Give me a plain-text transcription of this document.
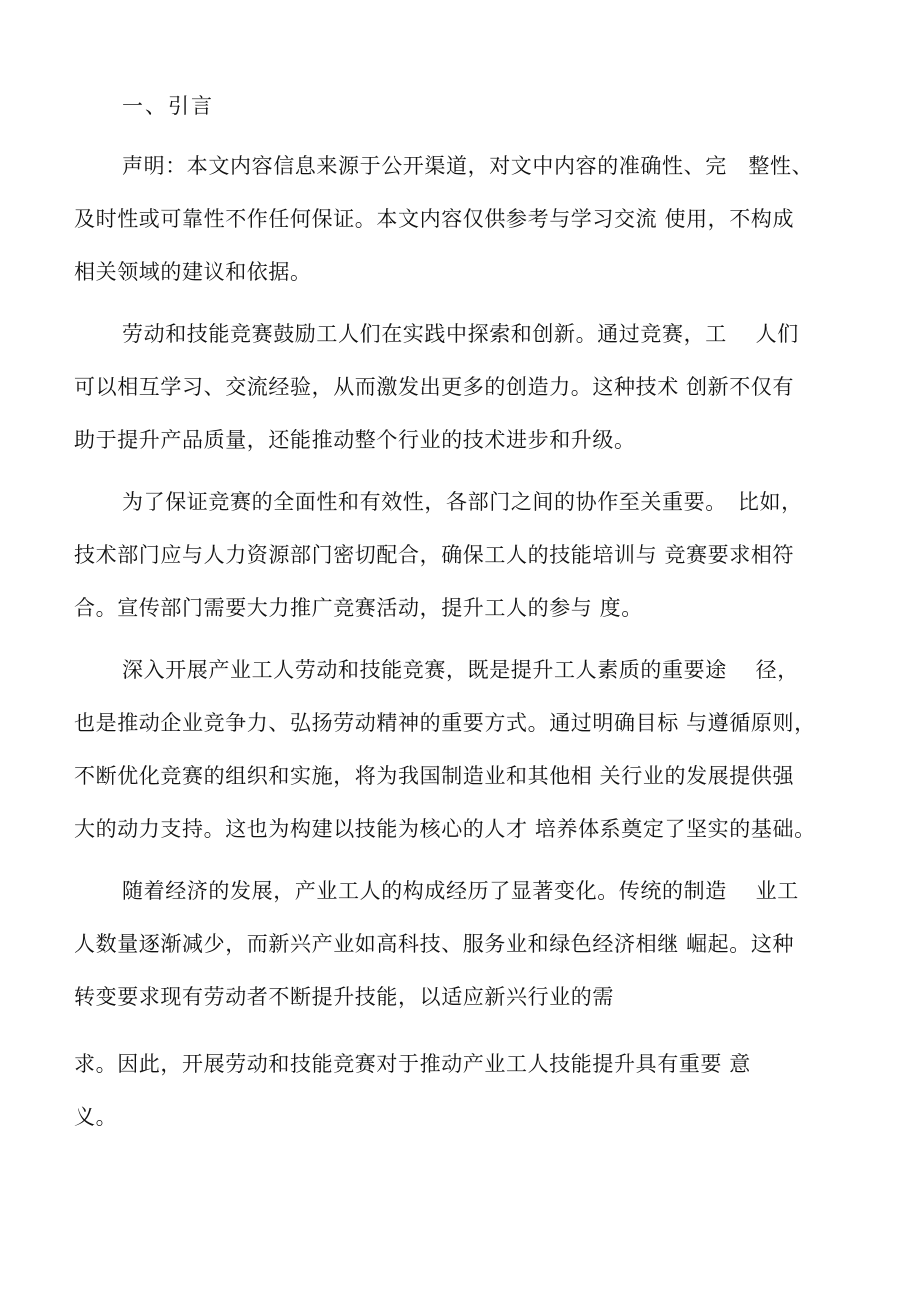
一、引言
声明：本文内容信息来源于公开渠道，对文中内容的准确性、完　整性、
及时性或可靠性不作任何保证。本文内容仅供参考与学习交流 使用，不构成
相关领域的建议和依据。
劳动和技能竞赛鼓励工人们在实践中探索和创新。通过竞赛，工　 人们
可以相互学习、交流经验，从而激发出更多的创造力。这种技术 创新不仅有
助于提升产品质量，还能推动整个行业的技术进步和升级。
为了保证竞赛的全面性和有效性，各部门之间的协作至关重要。　比如，
技术部门应与人力资源部门密切配合，确保工人的技能培训与 竞赛要求相符
合。宣传部门需要大力推广竞赛活动，提升工人的参与 度。
深入开展产业工人劳动和技能竞赛，既是提升工人素质的重要途　 径，
也是推动企业竞争力、弘扬劳动精神的重要方式。通过明确目标 与遵循原则，
不断优化竞赛的组织和实施，将为我国制造业和其他相 关行业的发展提供强
大的动力支持。这也为构建以技能为核心的人才 培养体系奠定了坚实的基础。
随着经济的发展，产业工人的构成经历了显著变化。传统的制造　 业工
人数量逐渐减少，而新兴产业如高科技、服务业和绿色经济相继 崛起。这种
转变要求现有劳动者不断提升技能，以适应新兴行业的需
求。因此，开展劳动和技能竞赛对于推动产业工人技能提升具有重要 意
义。
